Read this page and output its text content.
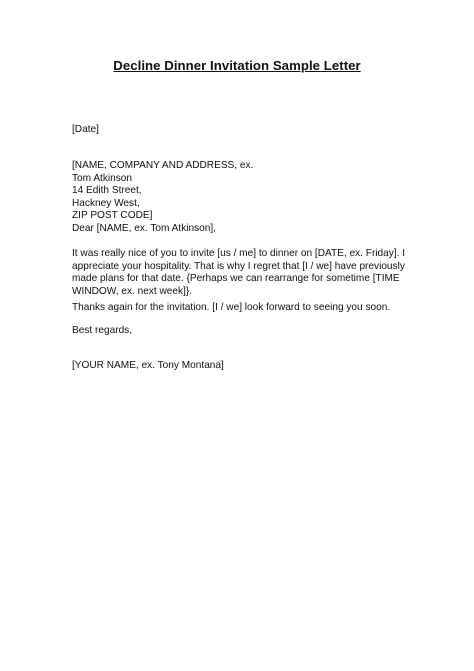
Decline Dinner Invitation Sample Letter
[Date]
[NAME, COMPANY AND ADDRESS, ex.
Tom Atkinson
14 Edith Street,
Hackney West,
ZIP POST CODE]
Dear [NAME, ex. Tom Atkinson],
It was really nice of you to invite [us / me] to dinner on [DATE, ex. Friday]. I
appreciate your hospitality. That is why I regret that [I / we] have previously
made plans for that date. {Perhaps we can rearrange for sometime [TIME
WINDOW, ex. next week]}.
Thanks again for the invitation. [I / we] look forward to seeing you soon.
Best regards,
[YOUR NAME, ex. Tony Montana]
